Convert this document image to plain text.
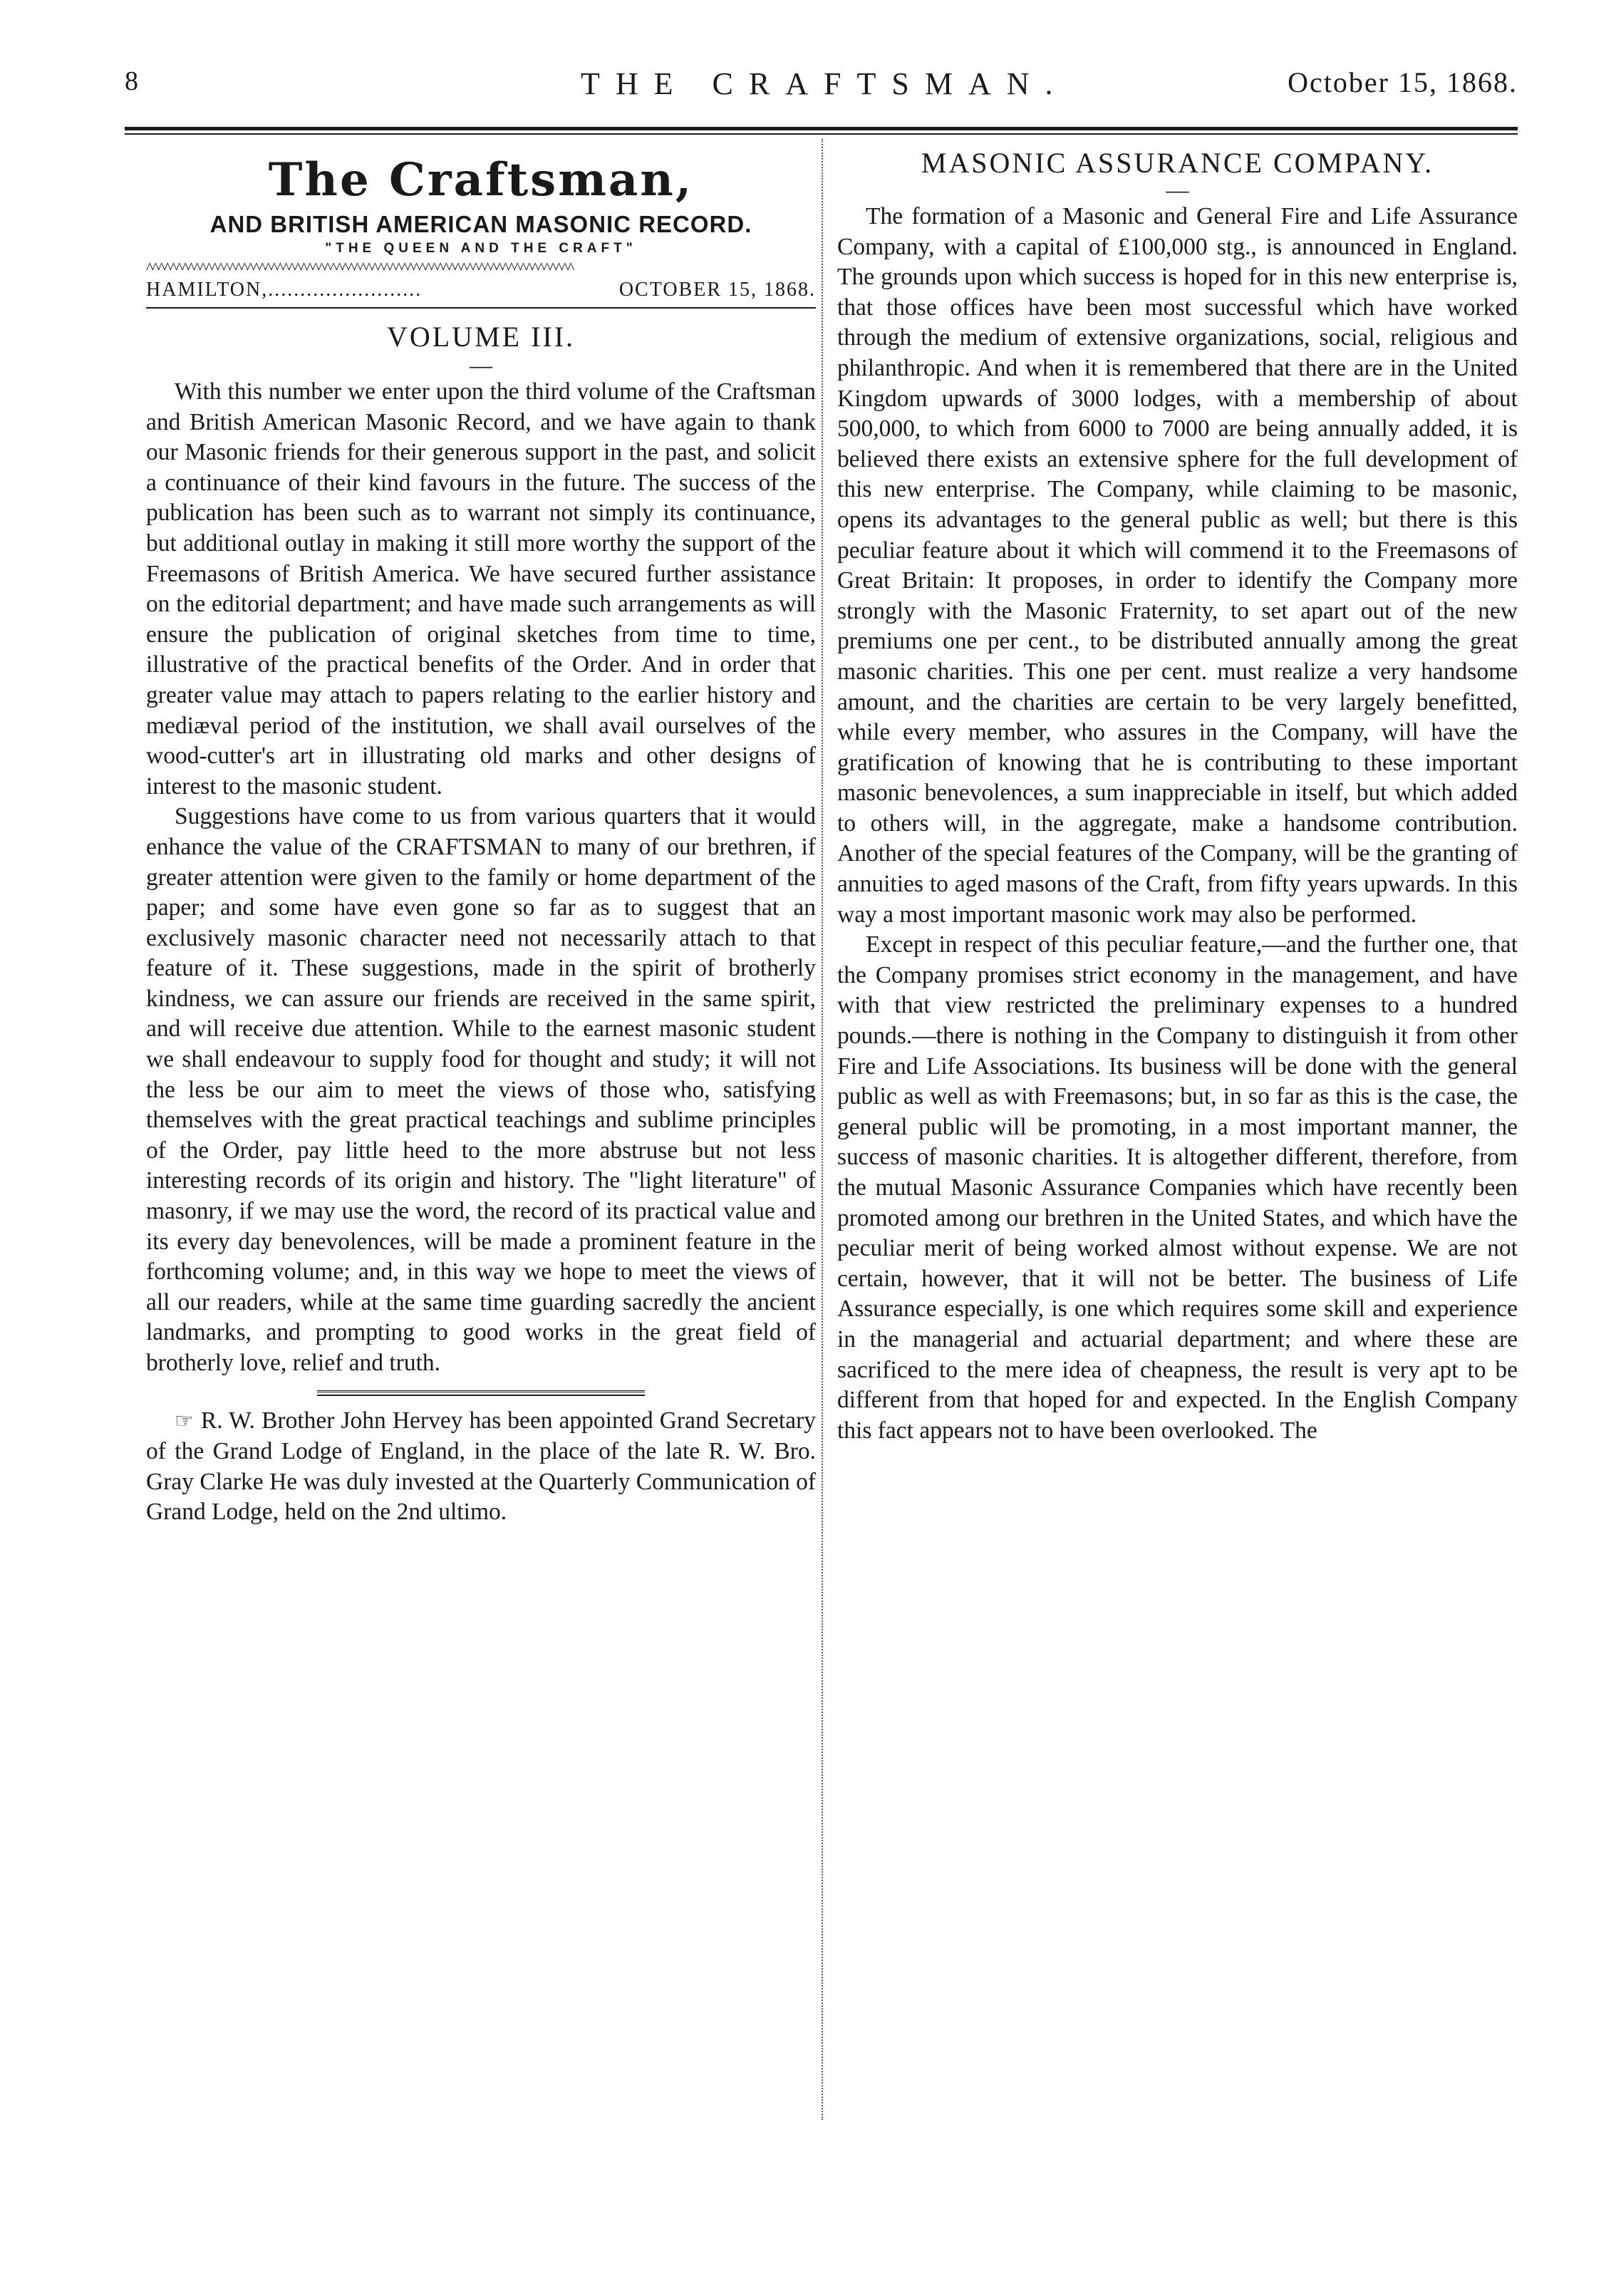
8	THE CRAFTSMAN.	October 15, 1868.
The Craftsman,
AND BRITISH AMERICAN MASONIC RECORD.
"THE QUEEN AND THE CRAFT"
^^^^^^^^^^^^^^^^^^^^^^^^^^^^^^^^^^^^^^^^^^^^^^^^^^^^^^^^^^^^^^^^^^^^^^^^
HAMILTON,........................	OCTOBER 15, 1868.
VOLUME III.
—

With this number we enter upon the third volume of the Craftsman and British American Masonic Record, and we have again to thank our Masonic friends for their generous support in the past, and solicit a continuance of their kind favours in the future. The success of the publication has been such as to warrant not simply its continuance, but additional outlay in making it still more worthy the support of the Freemasons of British America. We have secured further assistance on the editorial department; and have made such arrangements as will ensure the publication of original sketches from time to time, illustrative of the practical benefits of the Order. And in order that greater value may attach to papers relating to the earlier history and mediæval period of the institution, we shall avail ourselves of the wood-cutter's art in illustrating old marks and other designs of interest to the masonic student.

Suggestions have come to us from various quarters that it would enhance the value of the CRAFTSMAN to many of our brethren, if greater attention were given to the family or home department of the paper; and some have even gone so far as to suggest that an exclusively masonic character need not necessarily attach to that feature of it. These suggestions, made in the spirit of brotherly kindness, we can assure our friends are received in the same spirit, and will receive due attention. While to the earnest masonic student we shall endeavour to supply food for thought and study; it will not the less be our aim to meet the views of those who, satisfying themselves with the great practical teachings and sublime principles of the Order, pay little heed to the more abstruse but not less interesting records of its origin and history. The "light literature" of masonry, if we may use the word, the record of its practical value and its every day benevolences, will be made a prominent feature in the forthcoming volume; and, in this way we hope to meet the views of all our readers, while at the same time guarding sacredly the ancient landmarks, and prompting to good works in the great field of brotherly love, relief and truth.

☞ R. W. Brother John Hervey has been appointed Grand Secretary of the Grand Lodge of England, in the place of the late R. W. Bro. Gray Clarke He was duly invested at the Quarterly Communication of Grand Lodge, held on the 2nd ultimo.

MASONIC ASSURANCE COMPANY.
—

The formation of a Masonic and General Fire and Life Assurance Company, with a capital of £100,000 stg., is announced in England. The grounds upon which success is hoped for in this new enterprise is, that those offices have been most successful which have worked through the medium of extensive organizations, social, religious and philanthropic. And when it is remembered that there are in the United Kingdom upwards of 3000 lodges, with a membership of about 500,000, to which from 6000 to 7000 are being annually added, it is believed there exists an extensive sphere for the full development of this new enterprise. The Company, while claiming to be masonic, opens its advantages to the general public as well; but there is this peculiar feature about it which will commend it to the Freemasons of Great Britain: It proposes, in order to identify the Company more strongly with the Masonic Fraternity, to set apart out of the new premiums one per cent., to be distributed annually among the great masonic charities. This one per cent. must realize a very handsome amount, and the charities are certain to be very largely benefitted, while every member, who assures in the Company, will have the gratification of knowing that he is contributing to these important masonic benevolences, a sum inappreciable in itself, but which added to others will, in the aggregate, make a handsome contribution. Another of the special features of the Company, will be the granting of annuities to aged masons of the Craft, from fifty years upwards. In this way a most important masonic work may also be performed.

Except in respect of this peculiar feature,—and the further one, that the Company promises strict economy in the management, and have with that view restricted the preliminary expenses to a hundred pounds.—there is nothing in the Company to distinguish it from other Fire and Life Associations. Its business will be done with the general public as well as with Freemasons; but, in so far as this is the case, the general public will be promoting, in a most important manner, the success of masonic charities. It is altogether different, therefore, from the mutual Masonic Assurance Companies which have recently been promoted among our brethren in the United States, and which have the peculiar merit of being worked almost without expense. We are not certain, however, that it will not be better. The business of Life Assurance especially, is one which requires some skill and experience in the managerial and actuarial department; and where these are sacrificed to the mere idea of cheapness, the result is very apt to be different from that hoped for and expected. In the English Company this fact appears not to have been overlooked. The
